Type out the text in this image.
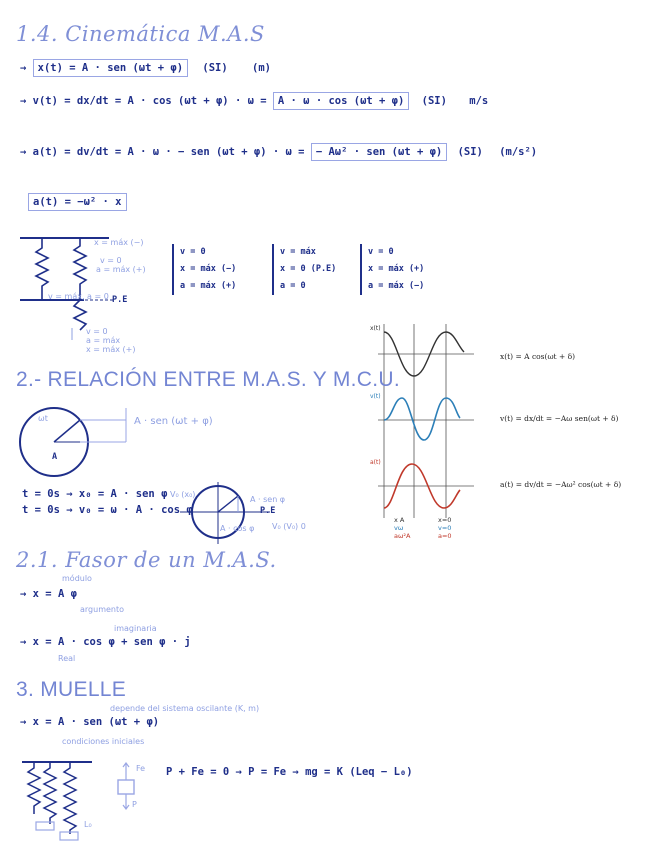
1.4. Cinemática M.A.S
→ x(t) = A · sen (ωt + φ) (SI) (m)
→ v(t) = dx/dt = A · cos (ωt + φ) · ω = A · ω · cos (ωt + φ) (SI) m/s
→ a(t) = dv/dt = A · ω · − sen (ωt + φ) · ω = − Aω² · sen (ωt + φ) (SI) (m/s²)
a(t) = −ω² · x
x = máx (−)
v = 0
a = máx (+)
v = máx, a = 0 P.E
v = 0
a = máx
x = máx (+)
v = 0
x = máx (−)
a = máx (+)
v = máx
x = 0 (P.E)
a = 0
v = 0
x = máx (+)
a = máx (−)
x(t)
v(t)
a(t)
x(t) = A cos(ωt + δ)
v(t) = dx/dt = −Aω sen(ωt + δ)
a(t) = dv/dt = −Aω² cos(ωt + δ)
x A
vω
aω²A
x=0
v=0
a=0
2.- RELACIÓN ENTRE M.A.S. Y M.C.U.
ωt
A
A · sen (ωt + φ)
t = 0s → x₀ = A · sen φ
t = 0s → v₀ = ω · A · cos φ
V₀ (x₀)
A · sen φ
P.E
A · cos φ V₀ (V₀) 0
2.1. Fasor de un M.A.S.
módulo
→ x = A φ
argumento
imaginaria
→ x = A · cos φ + sen φ · j
Real
3. MUELLE
depende del sistema oscilante (K, m)
→ x = A · sen (ωt + φ)
condiciones iniciales
L₀
Fe
P
P + Fe = 0 → P = Fe → mg = K (Leq − L₀)
